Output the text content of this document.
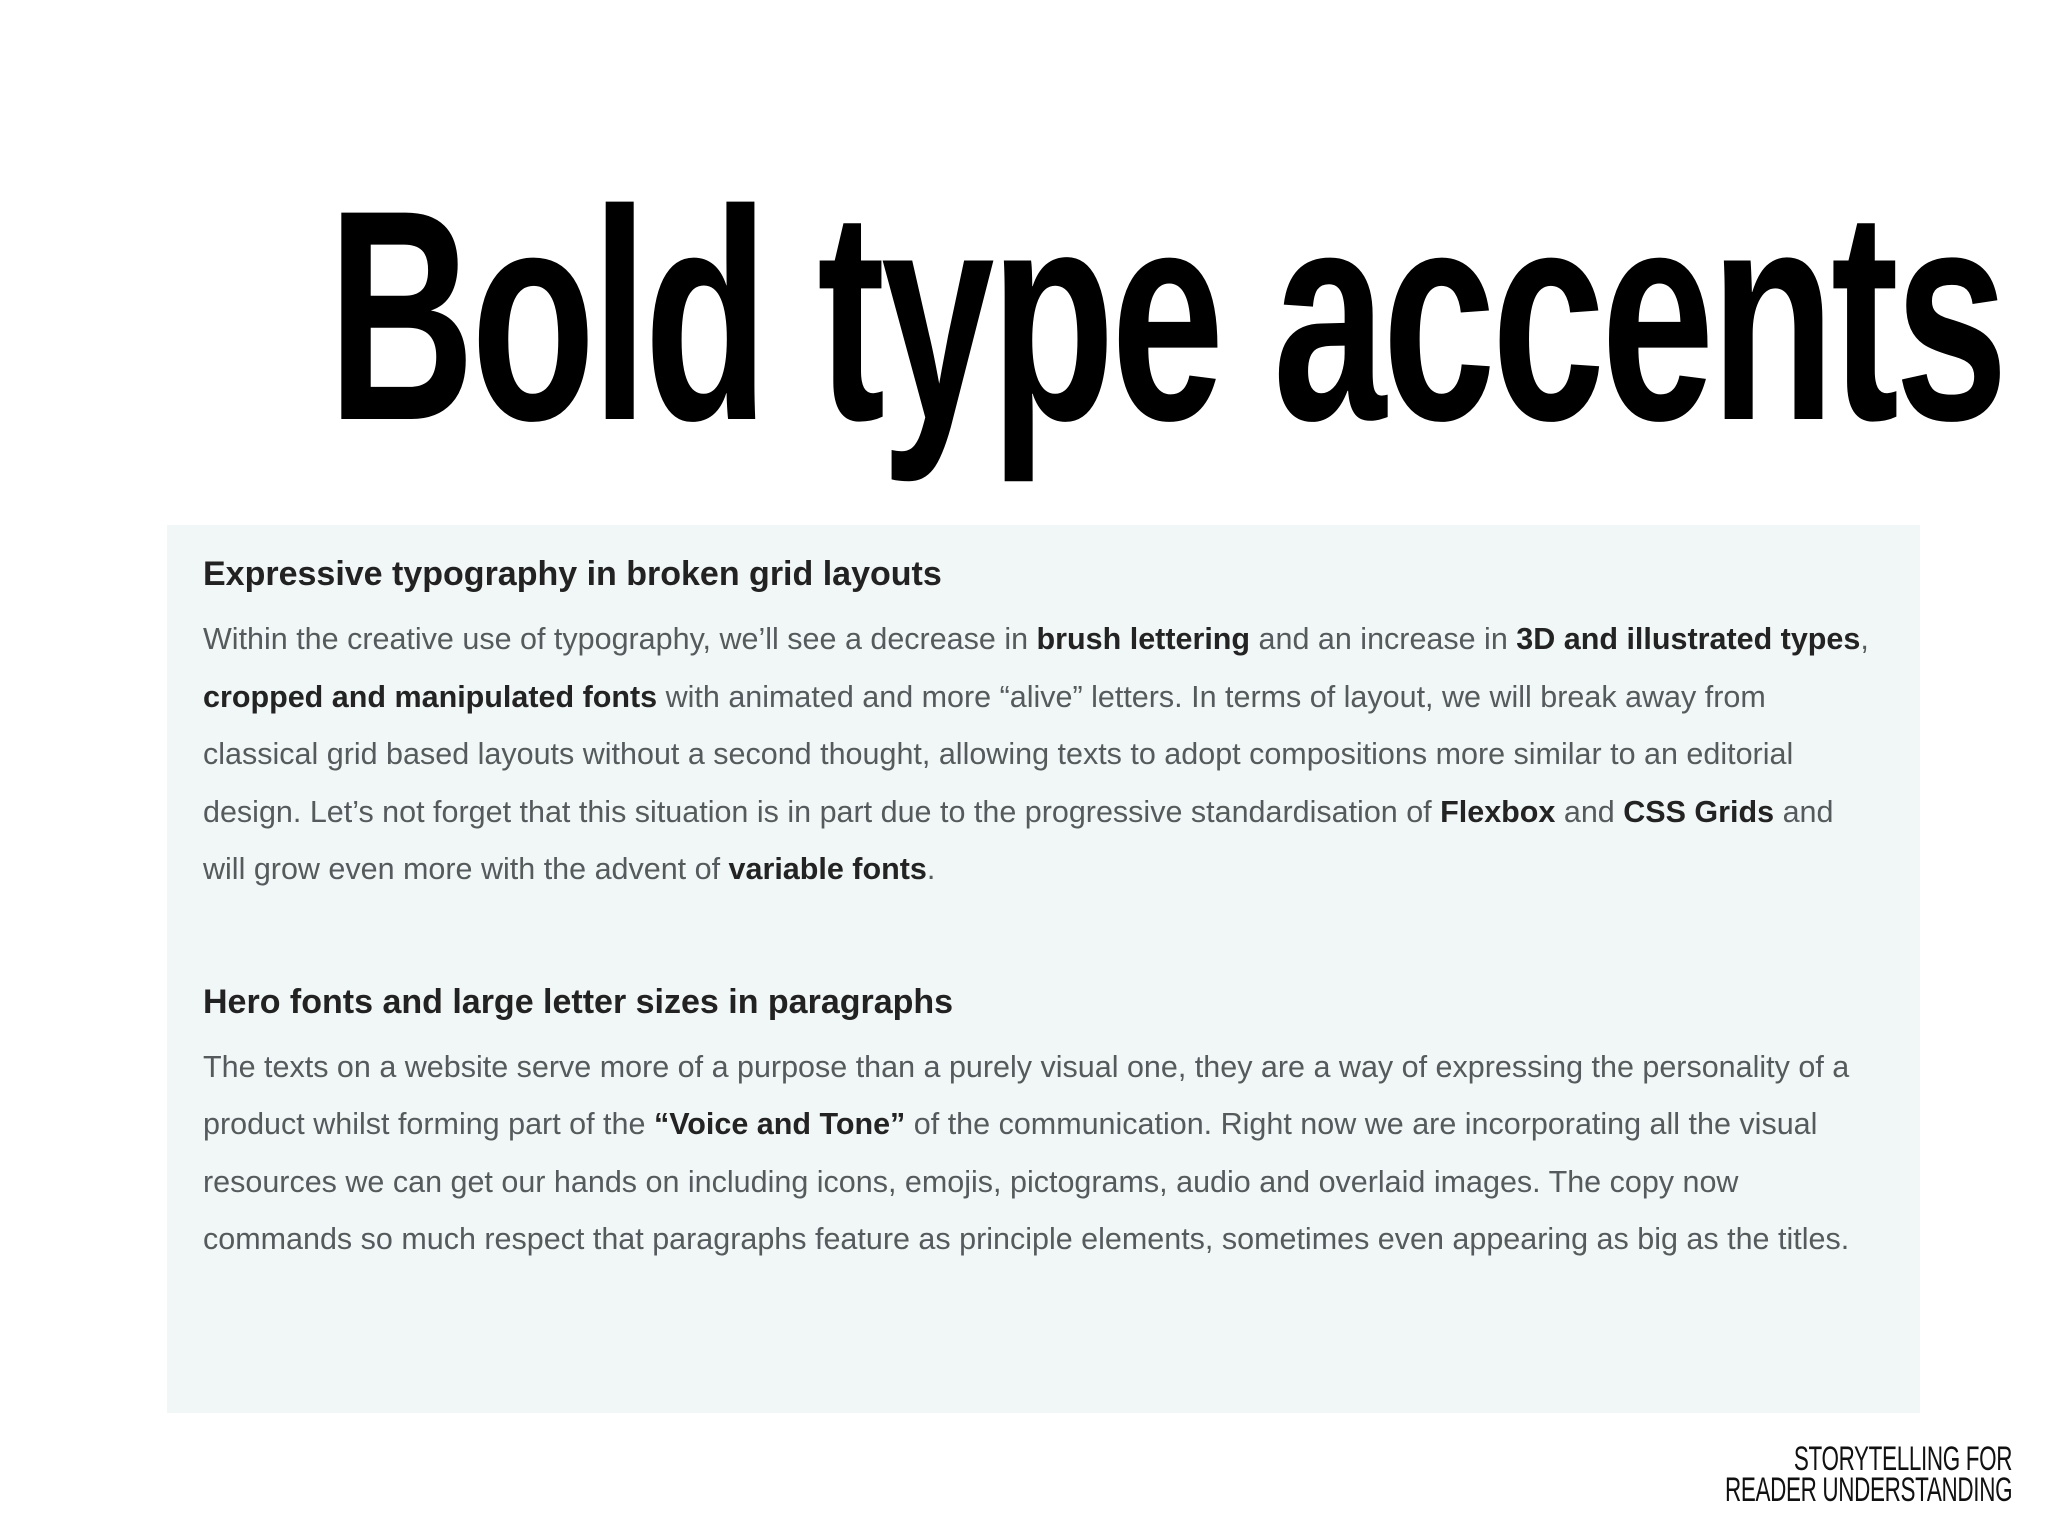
Bold type accents
Expressive typography in broken grid layouts

Within the creative use of typography, we’ll see a decrease in brush lettering and an increase in 3D and illustrated types, cropped and manipulated fonts with animated and more “alive” letters. In terms of layout, we will break away from classical grid based layouts without a second thought, allowing texts to adopt compositions more similar to an editorial design. Let’s not forget that this situation is in part due to the progressive standardisation of Flexbox and CSS Grids and will grow even more with the advent of variable fonts.

Hero fonts and large letter sizes in paragraphs

The texts on a website serve more of a purpose than a purely visual one, they are a way of expressing the personality of a product whilst forming part of the “Voice and Tone” of the communication. Right now we are incorporating all the visual resources we can get our hands on including icons, emojis, pictograms, audio and overlaid images. The copy now commands so much respect that paragraphs feature as principle elements, sometimes even appearing as big as the titles.

STORYTELLING FOR
READER UNDERSTANDING
